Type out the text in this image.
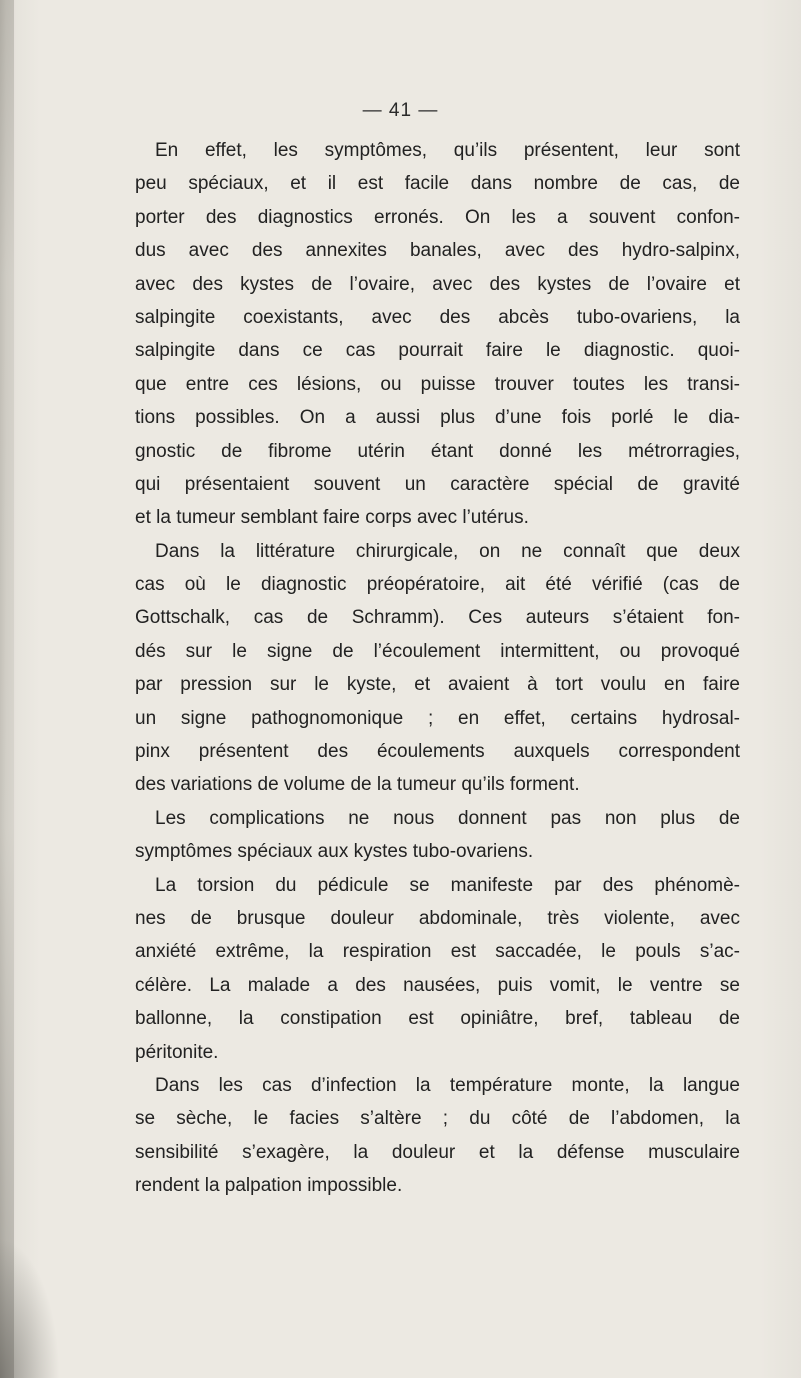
— 41 —
En effet, les symptômes, qu’ils présentent, leur sont
peu spéciaux, et il est facile dans nombre de cas, de
porter des diagnostics erronés. On les a souvent confon-
dus avec des annexites banales, avec des hydro-salpinx,
avec des kystes de l’ovaire, avec des kystes de l’ovaire et
salpingite coexistants, avec des abcès tubo-ovariens, la
salpingite dans ce cas pourrait faire le diagnostic. quoi-
que entre ces lésions, ou puisse trouver toutes les transi-
tions possibles. On a aussi plus d’une fois porlé le dia-
gnostic de fibrome utérin étant donné les métrorragies,
qui présentaient souvent un caractère spécial de gravité
et la tumeur semblant faire corps avec l’utérus.
Dans la littérature chirurgicale, on ne connaît que deux
cas où le diagnostic préopératoire, ait été vérifié (cas de
Gottschalk, cas de Schramm). Ces auteurs s’étaient fon-
dés sur le signe de l’écoulement intermittent, ou provoqué
par pression sur le kyste, et avaient à tort voulu en faire
un signe pathognomonique ; en effet, certains hydrosal-
pinx présentent des écoulements auxquels correspondent
des variations de volume de la tumeur qu’ils forment.
Les complications ne nous donnent pas non plus de
symptômes spéciaux aux kystes tubo-ovariens.
La torsion du pédicule se manifeste par des phénomè-
nes de brusque douleur abdominale, très violente, avec
anxiété extrême, la respiration est saccadée, le pouls s’ac-
célère. La malade a des nausées, puis vomit, le ventre se
ballonne, la constipation est opiniâtre, bref, tableau de
péritonite.
Dans les cas d’infection la température monte, la langue
se sèche, le facies s’altère ; du côté de l’abdomen, la
sensibilité s’exagère, la douleur et la défense musculaire
rendent la palpation impossible.
